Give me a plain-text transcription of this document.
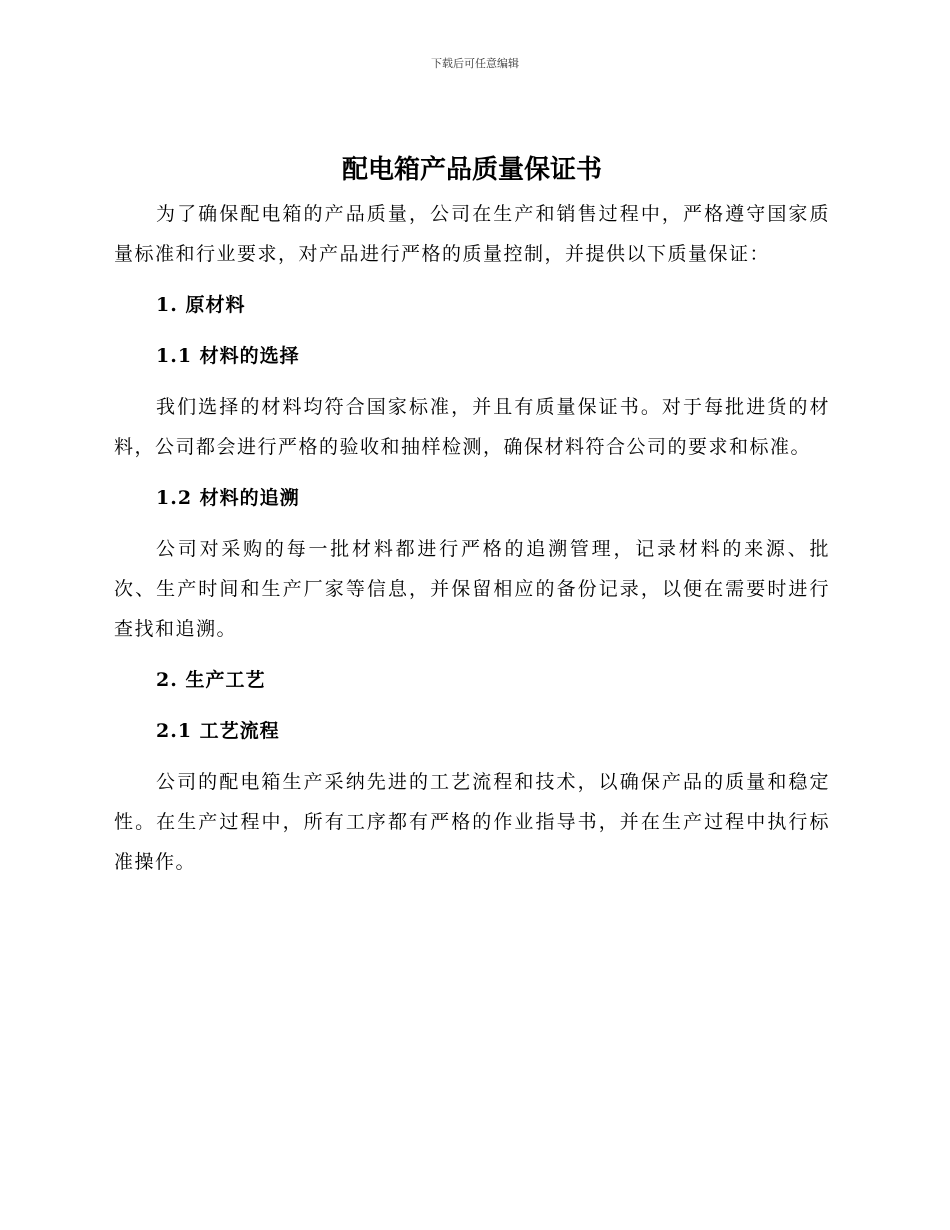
下载后可任意编辑
配电箱产品质量保证书

为了确保配电箱的产品质量，公司在生产和销售过程中，严格遵守国家质量标准和行业要求，对产品进行严格的质量控制，并提供以下质量保证：

1. 原材料
1.1 材料的选择

我们选择的材料均符合国家标准，并且有质量保证书。对于每批进货的材料，公司都会进行严格的验收和抽样检测，确保材料符合公司的要求和标准。

1.2 材料的追溯

公司对采购的每一批材料都进行严格的追溯管理，记录材料的来源、批次、生产时间和生产厂家等信息，并保留相应的备份记录，以便在需要时进行查找和追溯。

2. 生产工艺
2.1 工艺流程

公司的配电箱生产采纳先进的工艺流程和技术，以确保产品的质量和稳定性。在生产过程中，所有工序都有严格的作业指导书，并在生产过程中执行标准操作。
